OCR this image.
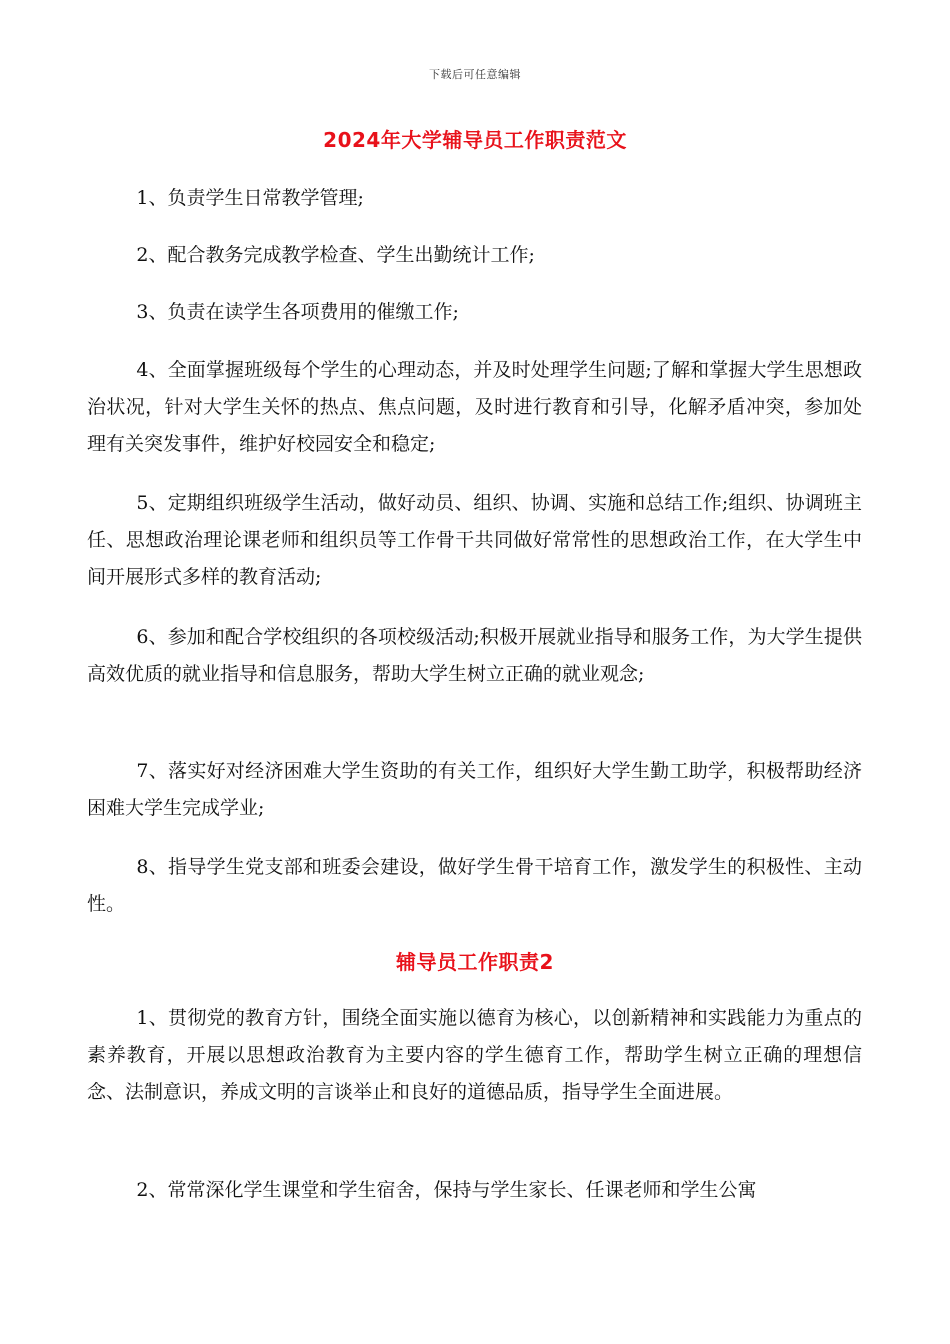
下载后可任意编辑
2024年大学辅导员工作职责范文

1、负责学生日常教学管理;

2、配合教务完成教学检查、学生出勤统计工作;

3、负责在读学生各项费用的催缴工作;

4、全面掌握班级每个学生的心理动态，并及时处理学生问题;了解和掌握大学生思想政治状况，针对大学生关怀的热点、焦点问题，及时进行教育和引导，化解矛盾冲突，参加处理有关突发事件，维护好校园安全和稳定;

5、定期组织班级学生活动，做好动员、组织、协调、实施和总结工作;组织、协调班主任、思想政治理论课老师和组织员等工作骨干共同做好常常性的思想政治工作，在大学生中间开展形式多样的教育活动;

6、参加和配合学校组织的各项校级活动;积极开展就业指导和服务工作，为大学生提供高效优质的就业指导和信息服务，帮助大学生树立正确的就业观念;

7、落实好对经济困难大学生资助的有关工作，组织好大学生勤工助学，积极帮助经济困难大学生完成学业;

8、指导学生党支部和班委会建设，做好学生骨干培育工作，激发学生的积极性、主动性。

辅导员工作职责2

1、贯彻党的教育方针，围绕全面实施以德育为核心，以创新精神和实践能力为重点的素养教育，开展以思想政治教育为主要内容的学生德育工作，帮助学生树立正确的理想信念、法制意识，养成文明的言谈举止和良好的道德品质，指导学生全面进展。

2、常常深化学生课堂和学生宿舍，保持与学生家长、任课老师和学生公寓
